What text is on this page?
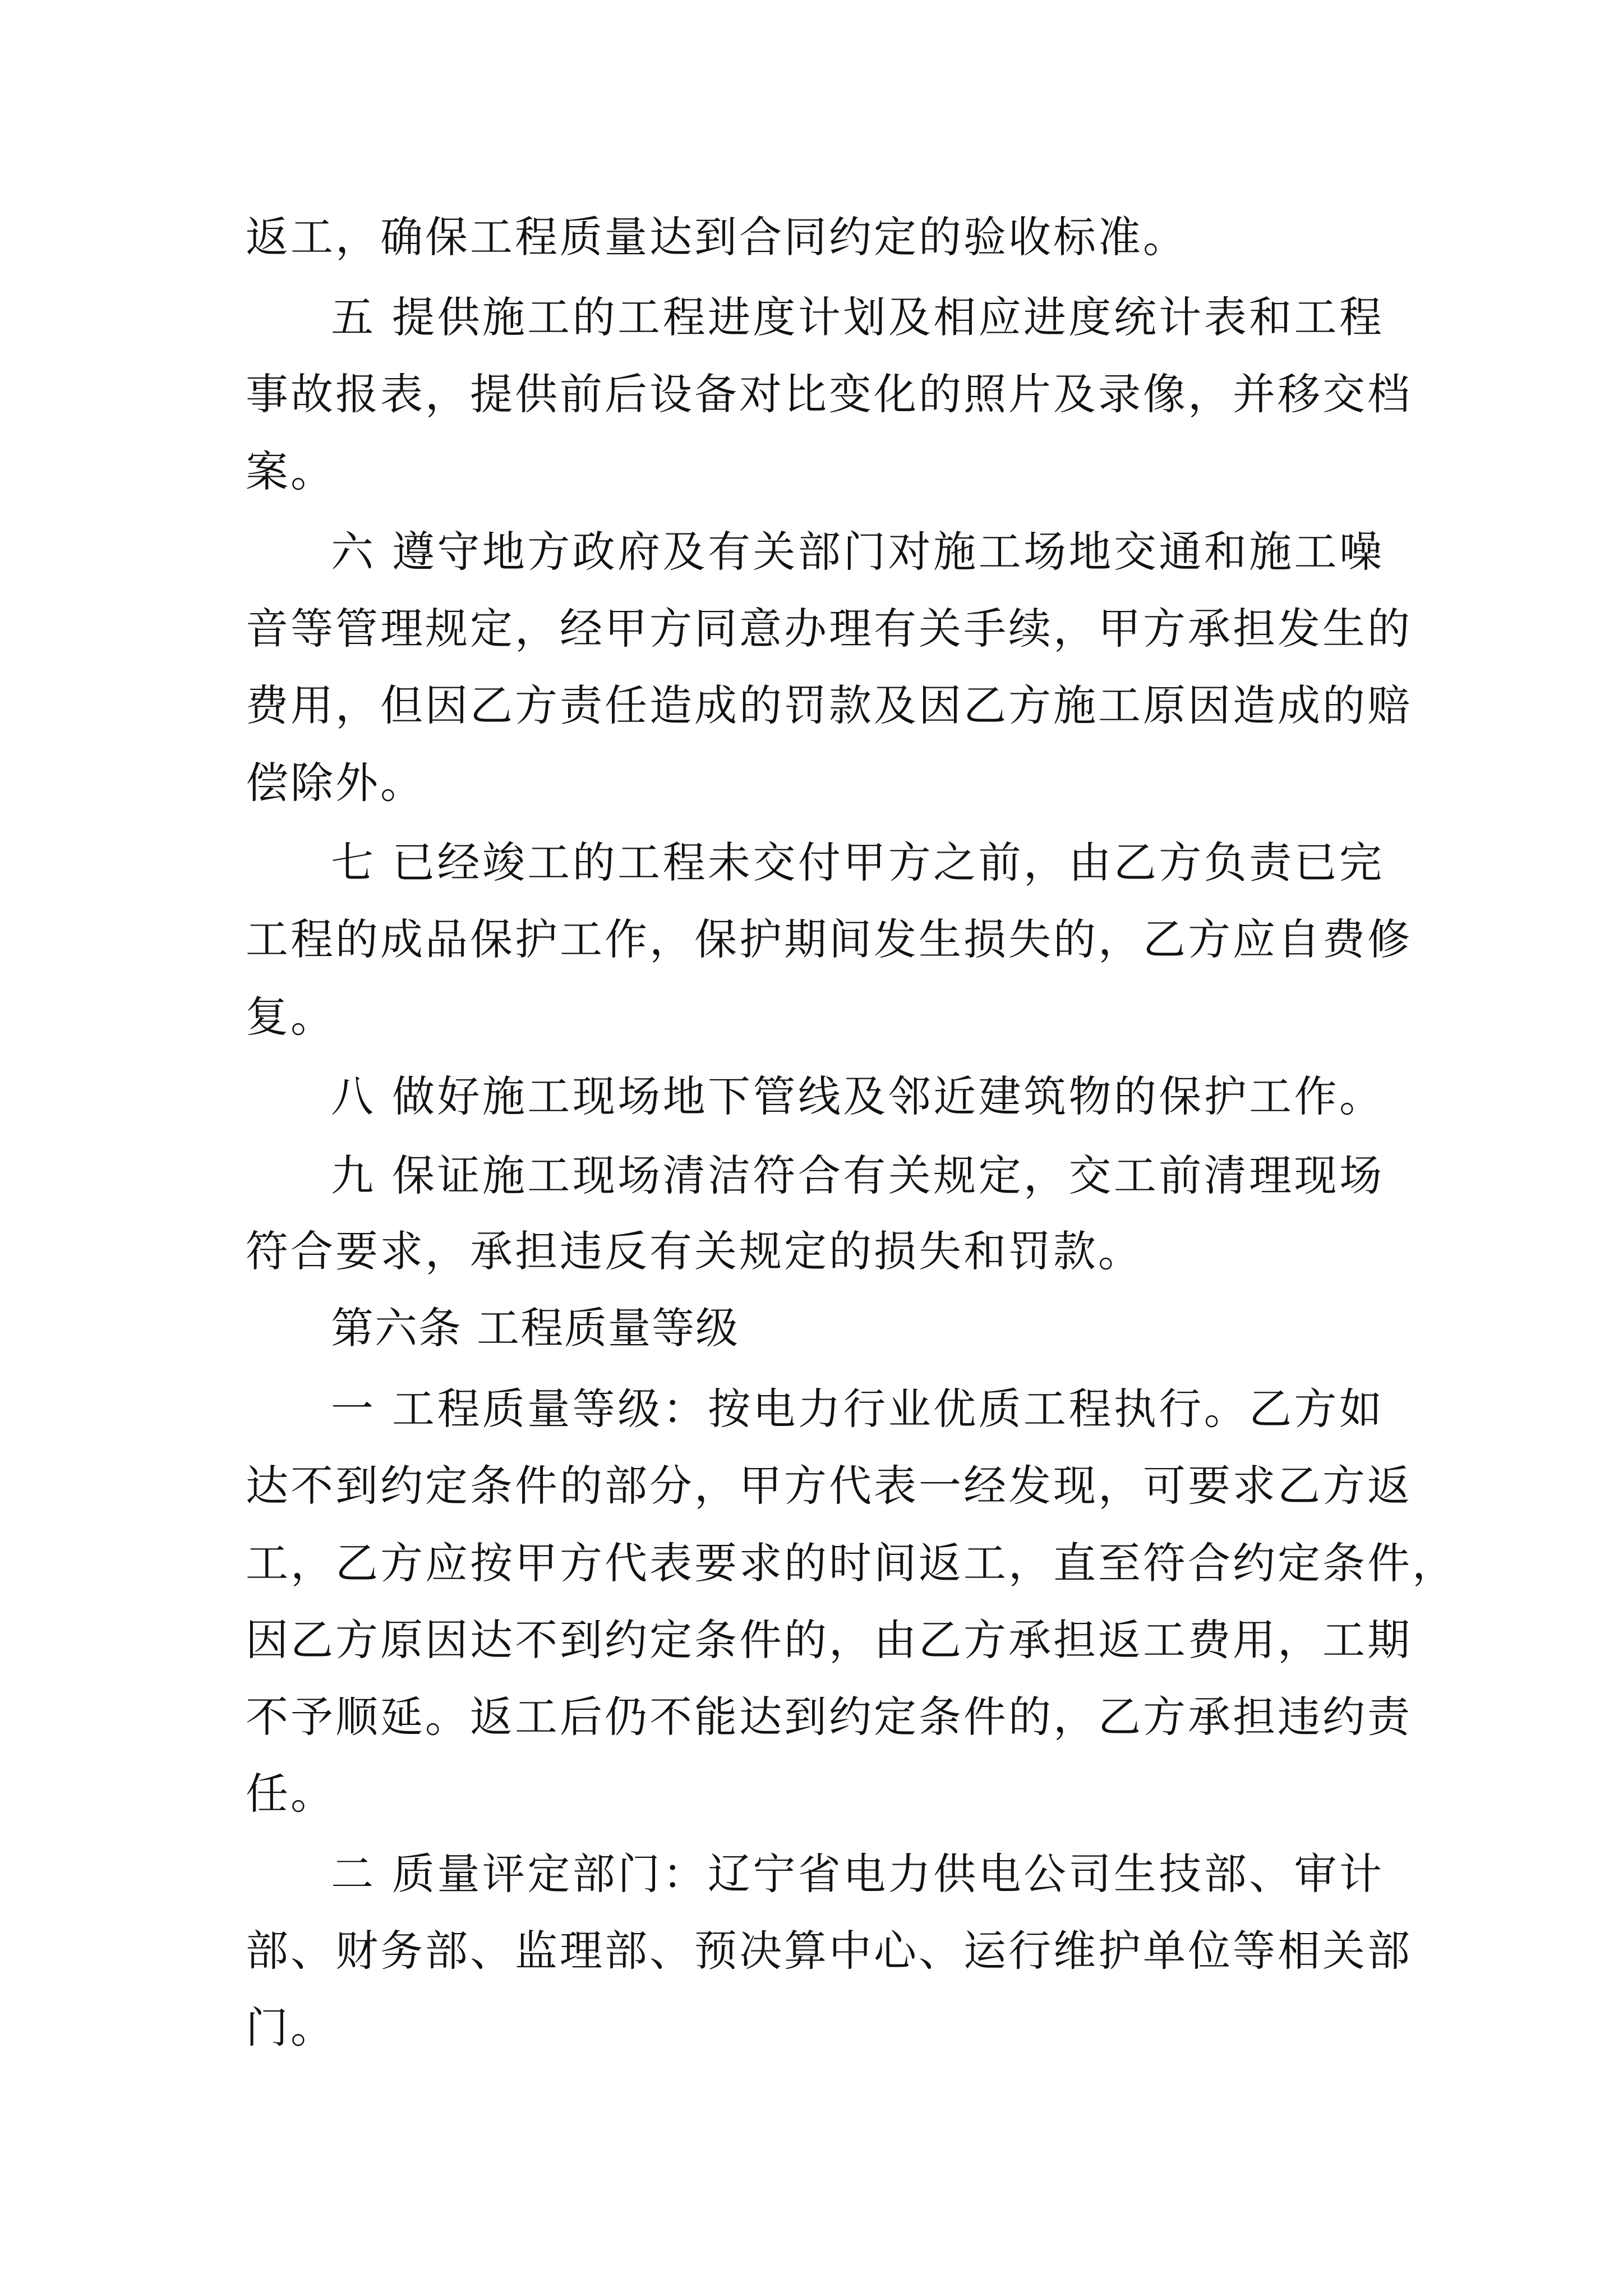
返工，确保工程质量达到合同约定的验收标准。
五 提供施工的工程进度计划及相应进度统计表和工程
事故报表，提供前后设备对比变化的照片及录像，并移交档
案。
六 遵守地方政府及有关部门对施工场地交通和施工噪
音等管理规定，经甲方同意办理有关手续，甲方承担发生的
费用，但因乙方责任造成的罚款及因乙方施工原因造成的赔
偿除外。
七 已经竣工的工程未交付甲方之前，由乙方负责已完
工程的成品保护工作，保护期间发生损失的，乙方应自费修
复。
八 做好施工现场地下管线及邻近建筑物的保护工作。
九 保证施工现场清洁符合有关规定，交工前清理现场
符合要求，承担违反有关规定的损失和罚款。
第六条 工程质量等级
一 工程质量等级：按电力行业优质工程执行。乙方如
达不到约定条件的部分，甲方代表一经发现，可要求乙方返
工，乙方应按甲方代表要求的时间返工，直至符合约定条件，
因乙方原因达不到约定条件的，由乙方承担返工费用，工期
不予顺延。返工后仍不能达到约定条件的，乙方承担违约责
任。
二 质量评定部门：辽宁省电力供电公司生技部、审计
部、财务部、监理部、预决算中心、运行维护单位等相关部
门。
